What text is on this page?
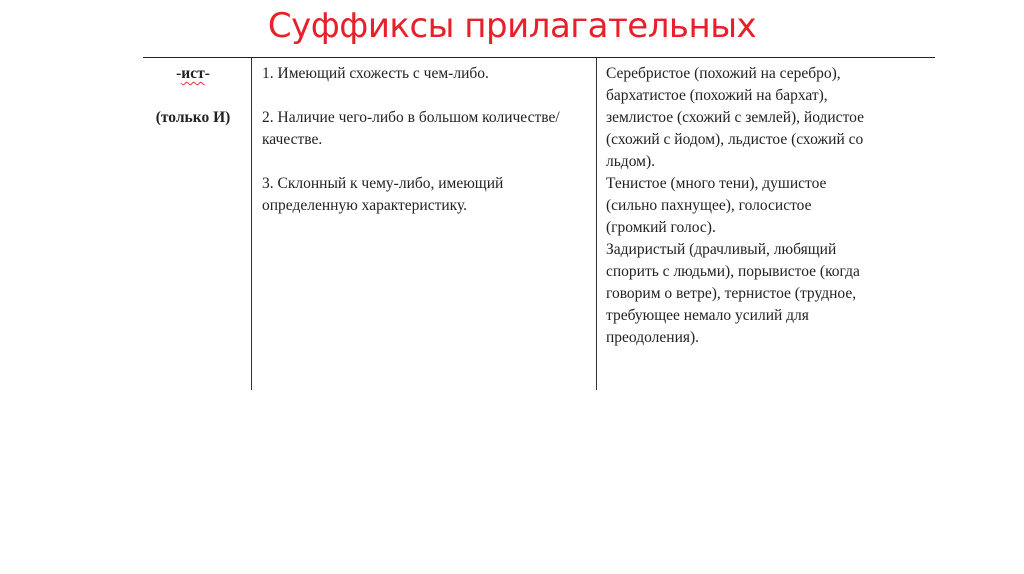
Суффиксы прилагательных
-ист-
(только И)

1. Имеющий схожесть с чем-либо.

2. Наличие чего-либо в большом количестве/качестве.

3. Склонный к чему-либо, имеющий определенную характеристику.

Серебристое (похожий на серебро),
бархатистое (похожий на бархат),
землистое (схожий с землей), йодистое
(схожий с йодом), льдистое (схожий со
льдом).
Тенистое (много тени), душистое
(сильно пахнущее), голосистое
(громкий голос).
Задиристый (драчливый, любящий
спорить с людьми), порывистое (когда
говорим о ветре), тернистое (трудное,
требующее немало усилий для
преодоления).
